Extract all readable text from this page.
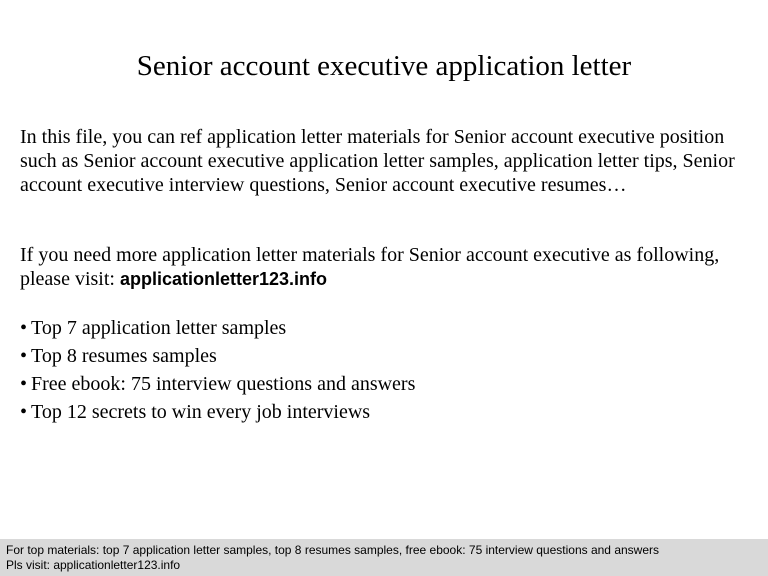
Senior account executive application letter
In this file, you can ref application letter materials for Senior account executive position such as Senior account executive application letter samples, application letter tips, Senior account executive interview questions, Senior account executive resumes…
If you need more application letter materials for Senior account executive as following, please visit: applicationletter123.info
• Top 7 application letter samples
• Top 8 resumes samples
• Free ebook: 75 interview questions and answers
• Top 12 secrets to win every job interviews
For top materials: top 7 application letter samples, top 8 resumes samples, free ebook: 75 interview questions and answers
Pls visit: applicationletter123.info
